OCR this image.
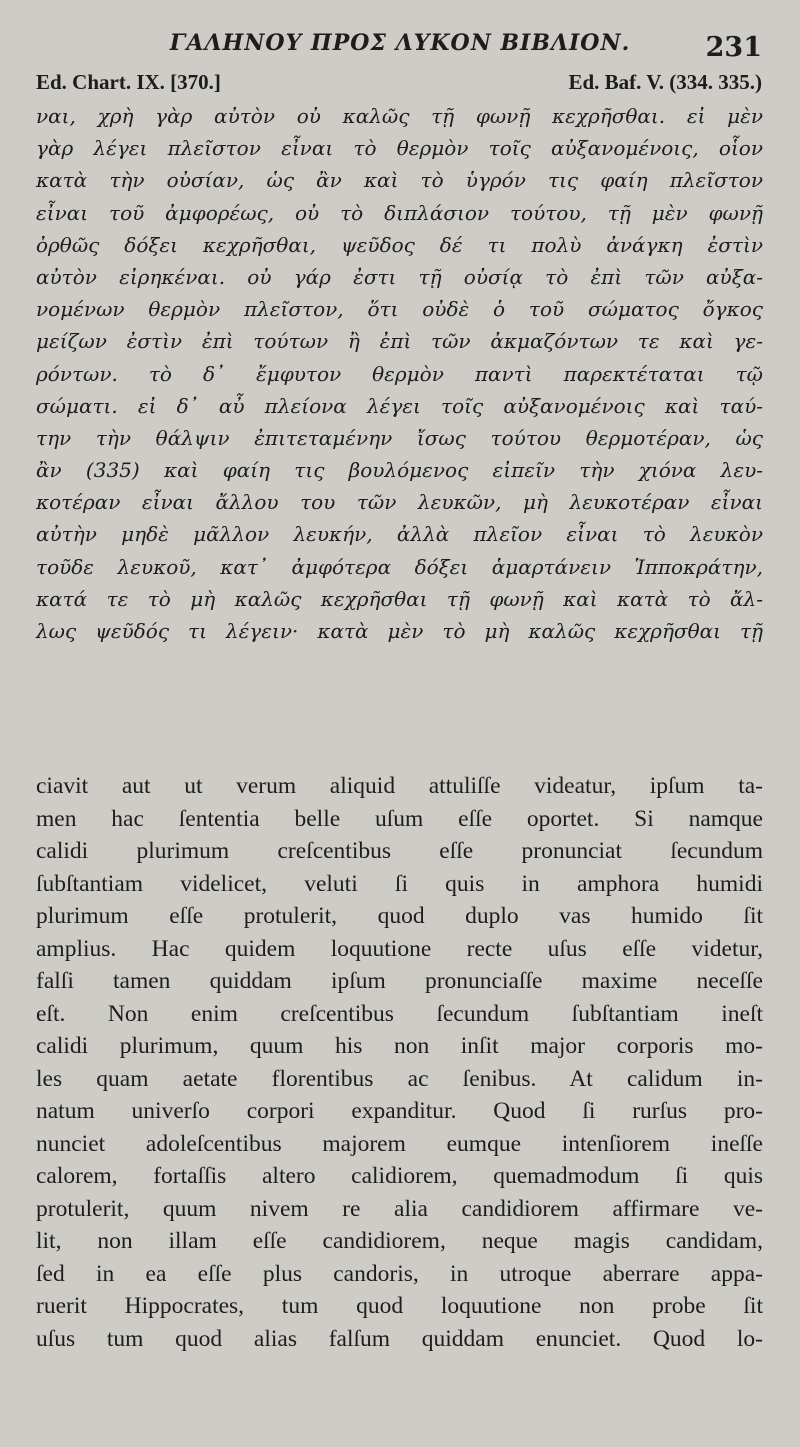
ΓΑΛΗΝΟΥ ΠΡΟΣ ΛΥΚΟΝ ΒΙΒΛΙΟΝ.	231
Ed. Chart. IX. [370.]	Ed. Baf. V. (334. 335.)
ναι, χρὴ γὰρ αὐτὸν οὐ καλῶς τῇ φωνῇ κεχρῆσθαι. εἰ μὲν
γὰρ λέγει πλεῖστον εἶναι τὸ θερμὸν τοῖς αὐξανομένοις, οἷον
κατὰ τὴν οὐσίαν, ὡς ἂν καὶ τὸ ὑγρόν τις φαίη πλεῖστον
εἶναι τοῦ ἀμφορέως, οὐ τὸ διπλάσιον τούτου, τῇ μὲν φωνῇ
ὀρθῶς δόξει κεχρῆσθαι, ψεῦδος δέ τι πολὺ ἀνάγκη ἐστὶν
αὐτὸν εἰρηκέναι. οὐ γάρ ἐστι τῇ οὐσίᾳ τὸ ἐπὶ τῶν αὐξα-
νομένων θερμὸν πλεῖστον, ὅτι οὐδὲ ὁ τοῦ σώματος ὄγκος
μείζων ἐστὶν ἐπὶ τούτων ἢ ἐπὶ τῶν ἀκμαζόντων τε καὶ γε-
ρόντων. τὸ δ᾽ ἔμφυτον θερμὸν παντὶ παρεκτέταται τῷ
σώματι. εἰ δ᾽ αὖ πλείονα λέγει τοῖς αὐξανομένοις καὶ ταύ-
την τὴν θάλψιν ἐπιτεταμένην ἴσως τούτου θερμοτέραν, ὡς
ἂν (335) καὶ φαίη τις βουλόμενος εἰπεῖν τὴν χιόνα λευ-
κοτέραν εἶναι ἄλλου του τῶν λευκῶν, μὴ λευκοτέραν εἶναι
αὐτὴν μηδὲ μᾶλλον λευκήν, ἀλλὰ πλεῖον εἶναι τὸ λευκὸν
τοῦδε λευκοῦ, κατ᾽ ἀμφότερα δόξει ἁμαρτάνειν Ἱπποκράτην,
κατά τε τὸ μὴ καλῶς κεχρῆσθαι τῇ φωνῇ καὶ κατὰ τὸ ἄλ-
λως ψεῦδός τι λέγειν· κατὰ μὲν τὸ μὴ καλῶς κεχρῆσθαι τῇ
ciavit aut ut verum aliquid attuliſſe videatur, ipſum ta-
men hac ſententia belle uſum eſſe oportet. Si namque
calidi plurimum creſcentibus eſſe pronunciat ſecundum
ſubſtantiam videlicet, veluti ſi quis in amphora humidi
plurimum eſſe protulerit, quod duplo vas humido ſit
amplius. Hac quidem loquutione recte uſus eſſe videtur,
falſi tamen quiddam ipſum pronunciaſſe maxime neceſſe
eſt. Non enim creſcentibus ſecundum ſubſtantiam ineſt
calidi plurimum, quum his non inſit major corporis mo-
les quam aetate florentibus ac ſenibus. At calidum in-
natum univerſo corpori expanditur. Quod ſi rurſus pro-
nunciet adoleſcentibus majorem eumque intenſiorem ineſſe
calorem, fortaſſis altero calidiorem, quemadmodum ſi quis
protulerit, quum nivem re alia candidiorem affirmare ve-
lit, non illam eſſe candidiorem, neque magis candidam,
ſed in ea eſſe plus candoris, in utroque aberrare appa-
ruerit Hippocrates, tum quod loquutione non probe ſit
uſus tum quod alias falſum quiddam enunciet. Quod lo-
